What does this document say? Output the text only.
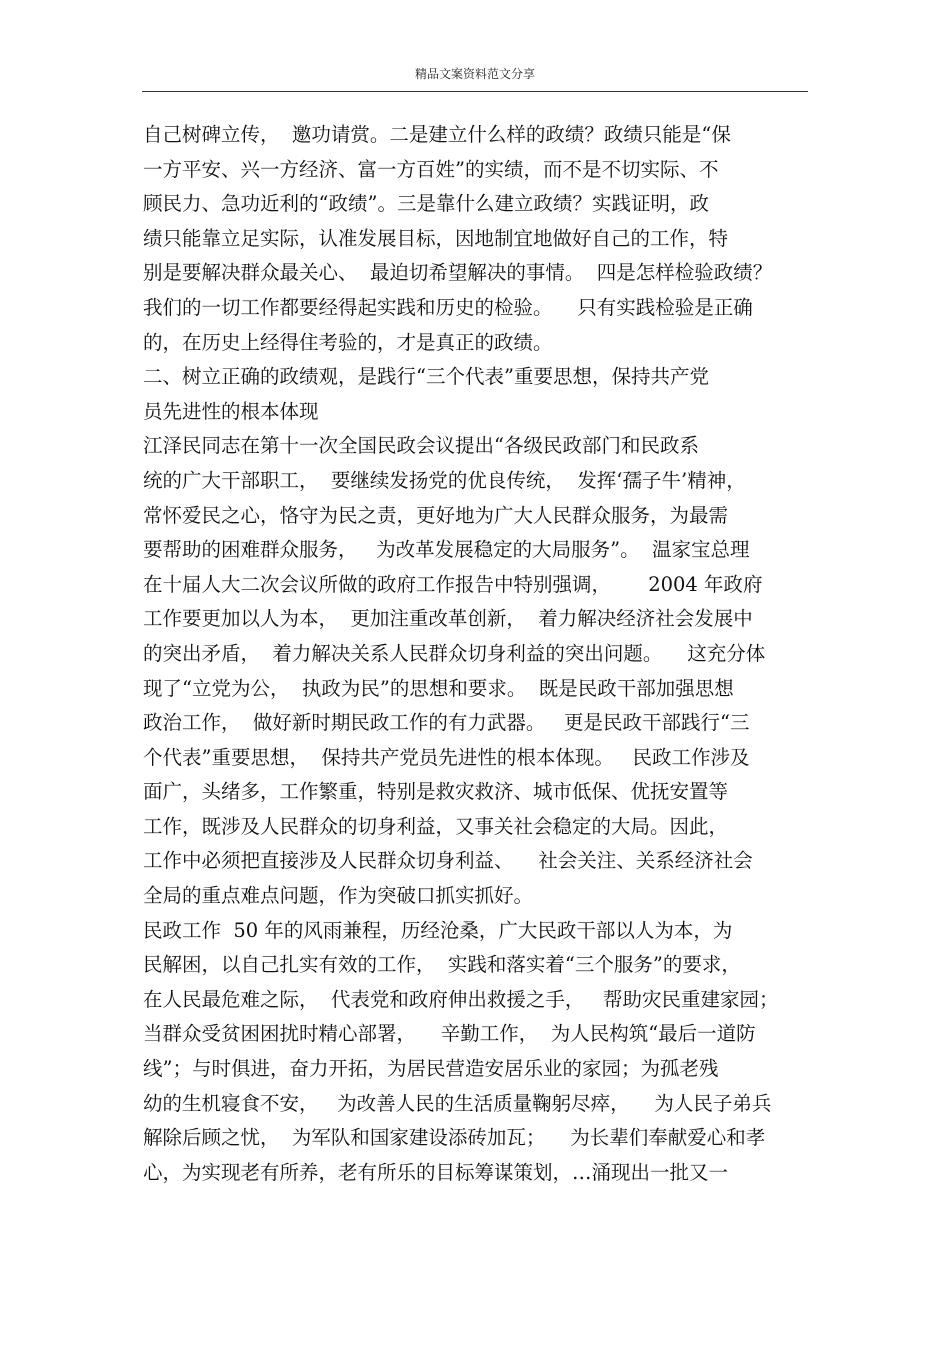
精品文案资料范文分享
自己树碑立传，  邀功请赏。二是建立什么样的政绩？政绩只能是“保
一方平安、兴一方经济、富一方百姓”的实绩，而不是不切实际、不
顾民力、急功近利的“政绩”。三是靠什么建立政绩？实践证明，政
绩只能靠立足实际，认准发展目标，因地制宜地做好自己的工作，特
别是要解决群众最关心、  最迫切希望解决的事情。  四是怎样检验政绩？
我们的一切工作都要经得起实践和历史的检验。    只有实践检验是正确
的，在历史上经得住考验的，才是真正的政绩。
二、树立正确的政绩观，是践行“三个代表”重要思想，保持共产党
员先进性的根本体现
江泽民同志在第十一次全国民政会议提出“各级民政部门和民政系
统的广大干部职工，  要继续发扬党的优良传统，  发挥‘孺子牛’精神，
常怀爱民之心，恪守为民之责，更好地为广大人民群众服务，为最需
要帮助的困难群众服务，   为改革发展稳定的大局服务”。  温家宝总理
在十届人大二次会议所做的政府工作报告中特别强调，      2004 年政府
工作要更加以人为本，  更加注重改革创新，  着力解决经济社会发展中
的突出矛盾，  着力解决关系人民群众切身利益的突出问题。    这充分体
现了“立党为公，  执政为民”的思想和要求。  既是民政干部加强思想
政治工作，  做好新时期民政工作的有力武器。   更是民政干部践行“三
个代表”重要思想，  保持共产党员先进性的根本体现。   民政工作涉及
面广，头绪多，工作繁重，特别是救灾救济、城市低保、优抚安置等
工作，既涉及人民群众的切身利益，又事关社会稳定的大局。因此，
工作中必须把直接涉及人民群众切身利益、    社会关注、关系经济社会
全局的重点难点问题，作为突破口抓实抓好。
民政工作  50 年的风雨兼程，历经沧桑，广大民政干部以人为本，为
民解困，以自己扎实有效的工作，  实践和落实着“三个服务”的要求，
在人民最危难之际，  代表党和政府伸出救援之手，   帮助灾民重建家园；
当群众受贫困困扰时精心部署，    辛勤工作，  为人民构筑“最后一道防
线”；与时俱进，奋力开拓，为居民营造安居乐业的家园；为孤老残
幼的生机寝食不安，   为改善人民的生活质量鞠躬尽瘁，    为人民子弟兵
解除后顾之忧，  为军队和国家建设添砖加瓦；    为长辈们奉献爱心和孝
心，为实现老有所养，老有所乐的目标筹谋策划，…涌现出一批又一
